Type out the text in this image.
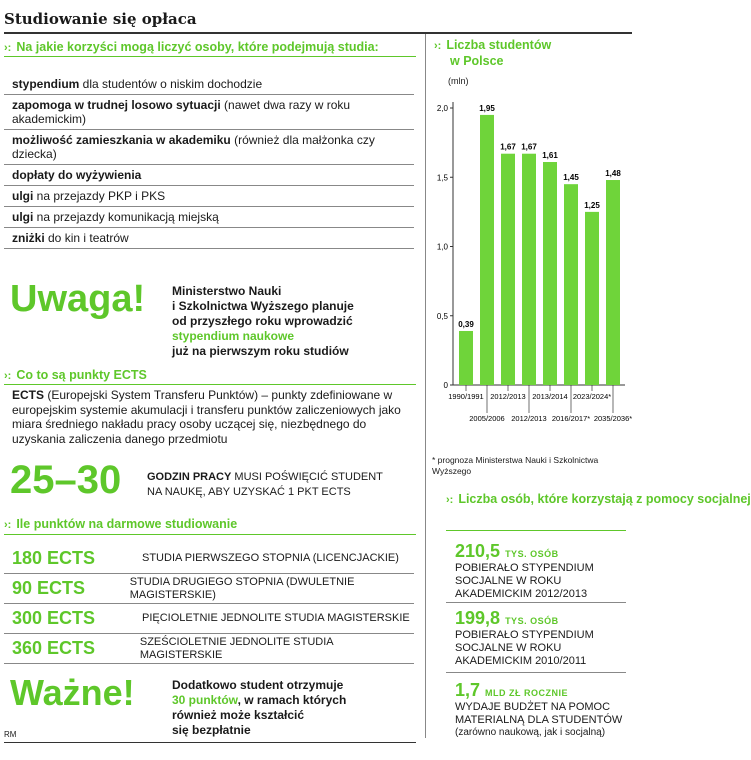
Studiowanie się opłaca
›: Na jakie korzyści mogą liczyć osoby, które podejmują studia:
stypendium dla studentów o niskim dochodzie
zapomoga w trudnej losowo sytuacji (nawet dwa razy w roku akademickim)
możliwość zamieszkania w akademiku (również dla małżonka czy dziecka)
dopłaty do wyżywienia
ulgi na przejazdy PKP i PKS
ulgi na przejazdy komunikacją miejską
zniżki do kin i teatrów
Uwaga! Ministerstwo Nauki
i Szkolnictwa Wyższego planuje
od przyszłego roku wprowadzić
stypendium naukowe
już na pierwszym roku studiów
›: Co to są punkty ECTS
ECTS (Europejski System Transferu Punktów) – punkty zdefiniowane w europejskim systemie akumulacji i transferu punktów zaliczeniowych jako miara średniego nakładu pracy osoby uczącej się, niezbędnego do uzyskania zaliczenia danego przedmiotu
25–30 GODZIN PRACY MUSI POŚWIĘCIĆ STUDENT
NA NAUKĘ, ABY UZYSKAĆ 1 PKT ECTS
›: Ile punktów na darmowe studiowanie
180 ECTS	STUDIA PIERWSZEGO STOPNIA (LICENCJACKIE)
90 ECTS	STUDIA DRUGIEGO STOPNIA (DWULETNIE MAGISTERSKIE)
300 ECTS	PIĘCIOLETNIE JEDNOLITE STUDIA MAGISTERSKIE
360 ECTS	SZEŚCIOLETNIE JEDNOLITE STUDIA MAGISTERSKIE
Ważne!	Dodatkowo student otrzymuje
30 punktów, w ramach których
również może kształcić
się bezpłatnie
RM
›: Liczba studentów
w Polsce
(mln)
0
0,5
1,0
1,5
2,0
0,39
1990/1991
1,95
2005/2006
1,67
2012/2013
1,67
2012/2013
1,61
2013/2014
1,45
2016/2017*
1,25
2023/2024*
1,48
2035/2036*
* prognoza Ministerstwa Nauki i Szkolnictwa Wyższego
›: Liczba osób, które korzystają z pomocy socjalnej
210,5 TYS. OSÓB
POBIERAŁO STYPENDIUM SOCJALNE W ROKU AKADEMICKIM 2012/2013
199,8 TYS. OSÓB
POBIERAŁO STYPENDIUM SOCJALNE W ROKU AKADEMICKIM 2010/2011
1,7 MLD ZŁ ROCZNIE
WYDAJE BUDŻET NA POMOC MATERIALNĄ DLA STUDENTÓW
(zarówno naukową, jak i socjalną)
